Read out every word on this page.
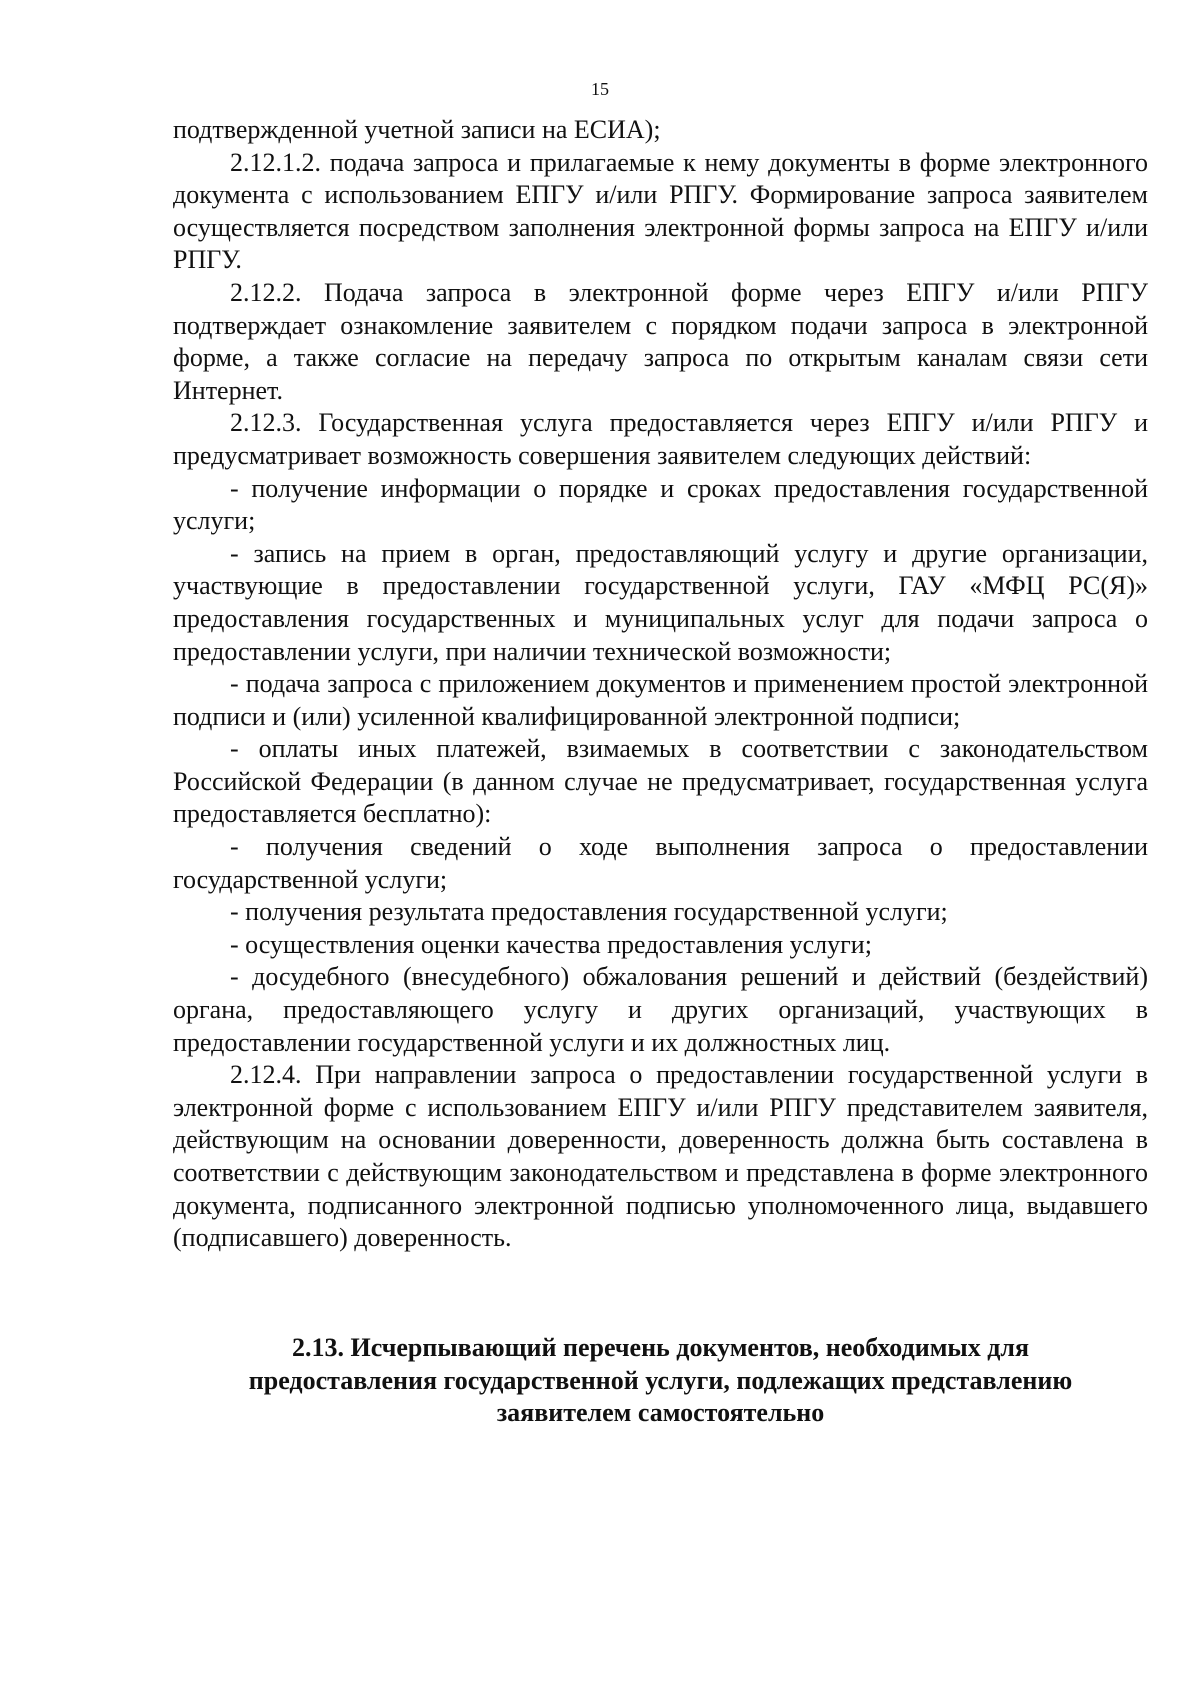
15

подтвержденной учетной записи на ЕСИА);

2.12.1.2. подача запроса и прилагаемые к нему документы в форме электронного документа с использованием ЕПГУ и/или РПГУ. Формирование запроса заявителем осуществляется посредством заполнения электронной формы запроса на ЕПГУ и/или РПГУ.

2.12.2. Подача запроса в электронной форме через ЕПГУ и/или РПГУ подтверждает ознакомление заявителем с порядком подачи запроса в электронной форме, а также согласие на передачу запроса по открытым каналам связи сети Интернет.

2.12.3. Государственная услуга предоставляется через ЕПГУ и/или РПГУ и предусматривает возможность совершения заявителем следующих действий:

- получение информации о порядке и сроках предоставления государственной услуги;

- запись на прием в орган, предоставляющий услугу и другие организации, участвующие в предоставлении государственной услуги, ГАУ «МФЦ РС(Я)» предоставления государственных и муниципальных услуг для подачи запроса о предоставлении услуги, при наличии технической возможности;

- подача запроса с приложением документов и применением простой электронной подписи и (или) усиленной квалифицированной электронной подписи;

- оплаты иных платежей, взимаемых в соответствии с законодательством Российской Федерации (в данном случае не предусматривает, государственная услуга предоставляется бесплатно):

- получения сведений о ходе выполнения запроса о предоставлении государственной услуги;

- получения результата предоставления государственной услуги;

- осуществления оценки качества предоставления услуги;

- досудебного (внесудебного) обжалования решений и действий (бездействий) органа, предоставляющего услугу и других организаций, участвующих в предоставлении государственной услуги и их должностных лиц.

2.12.4. При направлении запроса о предоставлении государственной услуги в электронной форме с использованием ЕПГУ и/или РПГУ представителем заявителя, действующим на основании доверенности, доверенность должна быть составлена в соответствии с действующим законодательством и представлена в форме электронного документа, подписанного электронной подписью уполномоченного лица, выдавшего (подписавшего) доверенность.

2.13. Исчерпывающий перечень документов, необходимых для
предоставления государственной услуги, подлежащих представлению
заявителем самостоятельно
